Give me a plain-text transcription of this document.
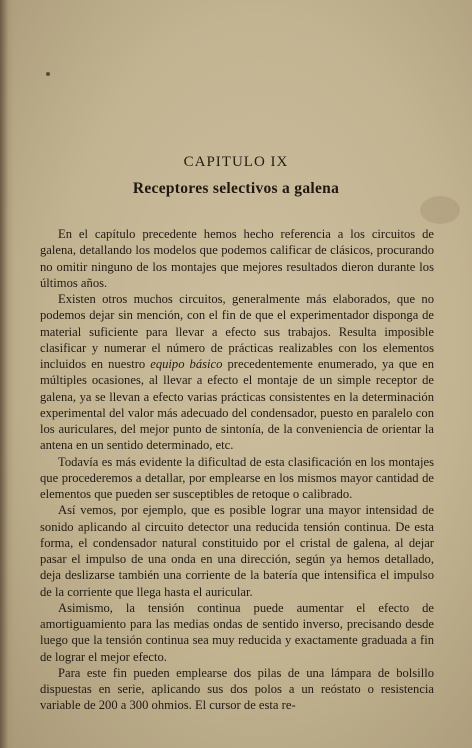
CAPITULO IX
Receptores selectivos a galena

En el capítulo precedente hemos hecho referencia a los circuitos de galena, detallando los modelos que podemos calificar de clásicos, procurando no omitir ninguno de los montajes que mejores resultados dieron durante los últimos años.

Existen otros muchos circuitos, generalmente más elaborados, que no podemos dejar sin mención, con el fin de que el experimentador disponga de material suficiente para llevar a efecto sus trabajos. Resulta imposible clasificar y numerar el número de prácticas realizables con los elementos incluidos en nuestro equipo básico precedentemente enumerado, ya que en múltiples ocasiones, al llevar a efecto el montaje de un simple receptor de galena, ya se llevan a efecto varias prácticas consistentes en la determinación experimental del valor más adecuado del condensador, puesto en paralelo con los auriculares, del mejor punto de sintonía, de la conveniencia de orientar la antena en un sentido determinado, etc.

Todavía es más evidente la dificultad de esta clasificación en los montajes que procederemos a detallar, por emplearse en los mismos mayor cantidad de elementos que pueden ser susceptibles de retoque o calibrado.

Así vemos, por ejemplo, que es posible lograr una mayor intensidad de sonido aplicando al circuito detector una reducida tensión continua. De esta forma, el condensador natural constituido por el cristal de galena, al dejar pasar el impulso de una onda en una dirección, según ya hemos detallado, deja deslizarse también una corriente de la batería que intensifica el impulso de la corriente que llega hasta el auricular.

Asimismo, la tensión continua puede aumentar el efecto de amortiguamiento para las medias ondas de sentido inverso, precisando desde luego que la tensión continua sea muy reducida y exactamente graduada a fin de lograr el mejor efecto.

Para este fin pueden emplearse dos pilas de una lámpara de bolsillo dispuestas en serie, aplicando sus dos polos a un reóstato o resistencia variable de 200 a 300 ohmios. El cursor de esta re-
